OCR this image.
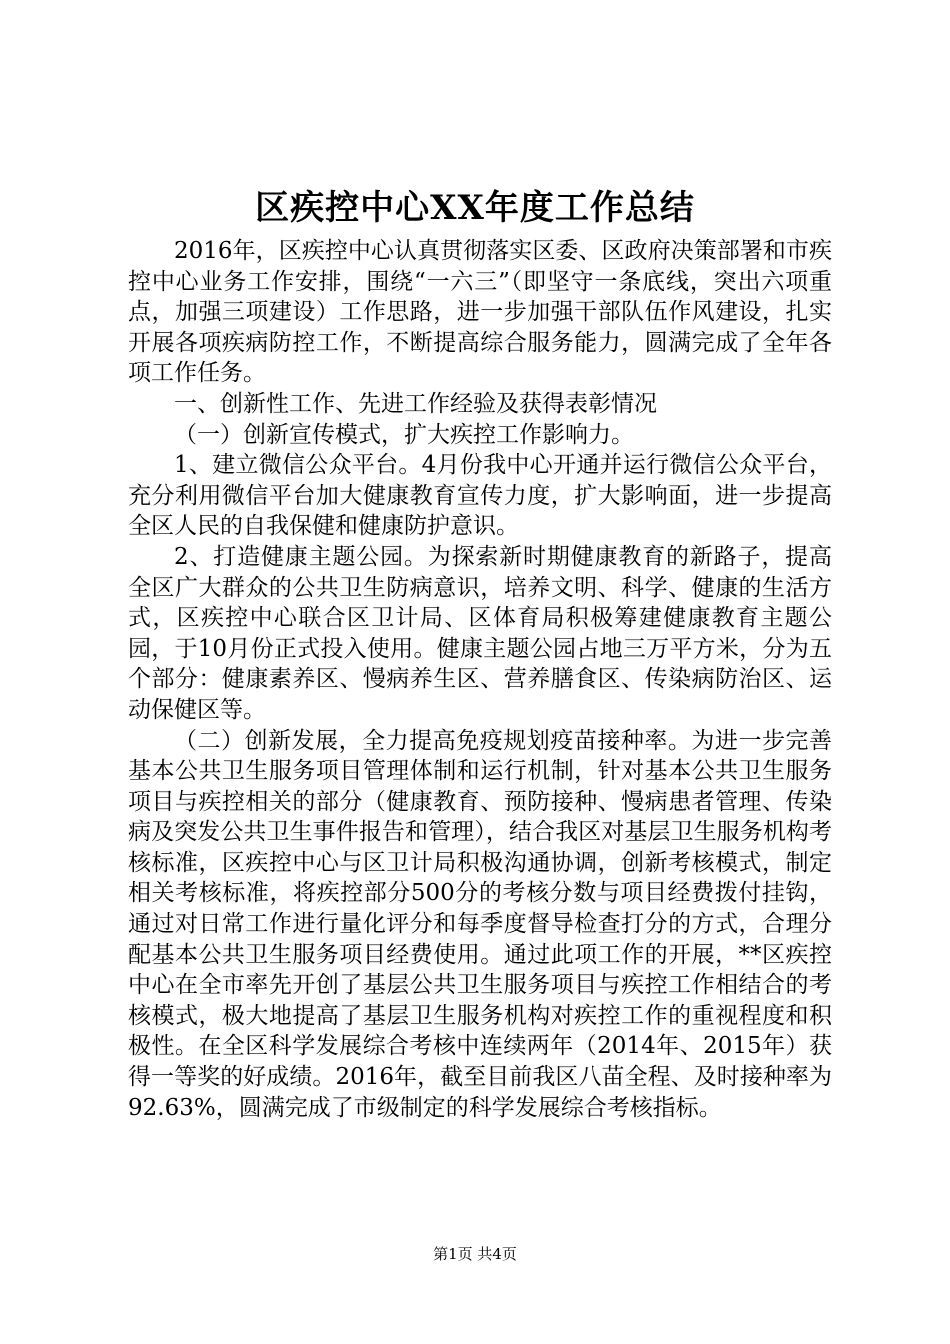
区疾控中心XX年度工作总结

2016年，区疾控中心认真贯彻落实区委、区政府决策部署和市疾控中心业务工作安排，围绕“一六三”（即坚守一条底线，突出六项重点，加强三项建设）工作思路，进一步加强干部队伍作风建设，扎实开展各项疾病防控工作，不断提高综合服务能力，圆满完成了全年各项工作任务。

一、创新性工作、先进工作经验及获得表彰情况

（一）创新宣传模式，扩大疾控工作影响力。

1、建立微信公众平台。4月份我中心开通并运行微信公众平台，充分利用微信平台加大健康教育宣传力度，扩大影响面，进一步提高全区人民的自我保健和健康防护意识。

2、打造健康主题公园。为探索新时期健康教育的新路子，提高全区广大群众的公共卫生防病意识，培养文明、科学、健康的生活方式，区疾控中心联合区卫计局、区体育局积极筹建健康教育主题公园，于10月份正式投入使用。健康主题公园占地三万平方米，分为五个部分：健康素养区、慢病养生区、营养膳食区、传染病防治区、运动保健区等。

（二）创新发展，全力提高免疫规划疫苗接种率。为进一步完善基本公共卫生服务项目管理体制和运行机制，针对基本公共卫生服务项目与疾控相关的部分（健康教育、预防接种、慢病患者管理、传染病及突发公共卫生事件报告和管理），结合我区对基层卫生服务机构考核标准，区疾控中心与区卫计局积极沟通协调，创新考核模式，制定相关考核标准，将疾控部分500分的考核分数与项目经费拨付挂钩，通过对日常工作进行量化评分和每季度督导检查打分的方式，合理分配基本公共卫生服务项目经费使用。通过此项工作的开展，**区疾控中心在全市率先开创了基层公共卫生服务项目与疾控工作相结合的考核模式，极大地提高了基层卫生服务机构对疾控工作的重视程度和积极性。在全区科学发展综合考核中连续两年（2014年、2015年）获得一等奖的好成绩。2016年，截至目前我区八苗全程、及时接种率为92.63%，圆满完成了市级制定的科学发展综合考核指标。

第1页 共4页
